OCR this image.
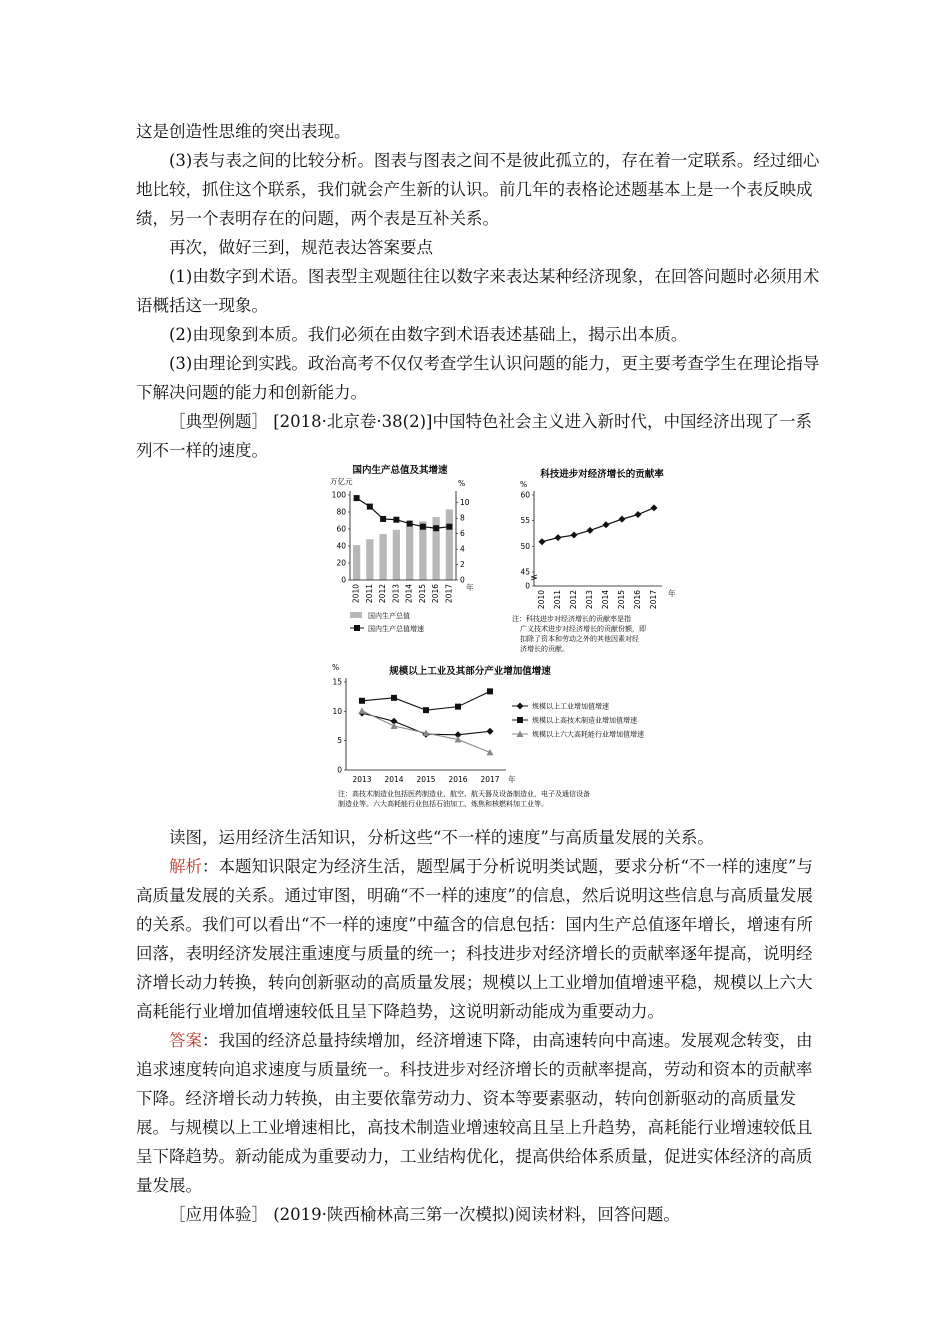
这是创造性思维的突出表现。

(3)表与表之间的比较分析。图表与图表之间不是彼此孤立的，存在着一定联系。经过细心地比较，抓住这个联系，我们就会产生新的认识。前几年的表格论述题基本上是一个表反映成绩，另一个表明存在的问题，两个表是互补关系。

再次，做好三到，规范表达答案要点

(1)由数字到术语。图表型主观题往往以数字来表达某种经济现象，在回答问题时必须用术语概括这一现象。

(2)由现象到本质。我们必须在由数字到术语表述基础上，揭示出本质。

(3)由理论到实践。政治高考不仅仅考查学生认识问题的能力，更主要考查学生在理论指导下解决问题的能力和创新能力。

［典型例题］ [2018·北京卷·38(2)]中国特色社会主义进入新时代，中国经济出现了一系列不一样的速度。

国内生产总值及其增速
万亿元	%
0
20
40
60
80
100
0
2
4
6
8
10
2010 2011 2012 2013 2014 2015 2016 2017 年
国内生产总值
国内生产总值增速
科技进步对经济增长的贡献率
%
0
45
50
55
60
2010 2011 2012 2013 2014 2015 2016 2017 年
注：科技进步对经济增长的贡献率是指
广义技术进步对经济增长的贡献份额，即
扣除了资本和劳动之外的其他因素对经
济增长的贡献。
规模以上工业及其部分产业增加值增速
%
0
5
10
15
2013 2014 2015 2016 2017 年
规模以上工业增加值增速
规模以上高技术制造业增加值增速
规模以上六大高耗能行业增加值增速
注：高技术制造业包括医药制造业，航空、航天器及设备制造业，电子及通信设备
制造业等。六大高耗能行业包括石油加工、炼焦和核燃料加工业等。

读图，运用经济生活知识，分析这些“不一样的速度”与高质量发展的关系。

解析：本题知识限定为经济生活，题型属于分析说明类试题，要求分析“不一样的速度”与高质量发展的关系。通过审图，明确“不一样的速度”的信息，然后说明这些信息与高质量发展的关系。我们可以看出“不一样的速度”中蕴含的信息包括：国内生产总值逐年增长，增速有所回落，表明经济发展注重速度与质量的统一；科技进步对经济增长的贡献率逐年提高，说明经济增长动力转换，转向创新驱动的高质量发展；规模以上工业增加值增速平稳，规模以上六大高耗能行业增加值增速较低且呈下降趋势，这说明新动能成为重要动力。

答案：我国的经济总量持续增加，经济增速下降，由高速转向中高速。发展观念转变，由追求速度转向追求速度与质量统一。科技进步对经济增长的贡献率提高，劳动和资本的贡献率下降。经济增长动力转换，由主要依靠劳动力、资本等要素驱动，转向创新驱动的高质量发展。与规模以上工业增速相比，高技术制造业增速较高且呈上升趋势，高耗能行业增速较低且呈下降趋势。新动能成为重要动力，工业结构优化，提高供给体系质量，促进实体经济的高质量发展。

［应用体验］ (2019·陕西榆林高三第一次模拟)阅读材料，回答问题。
